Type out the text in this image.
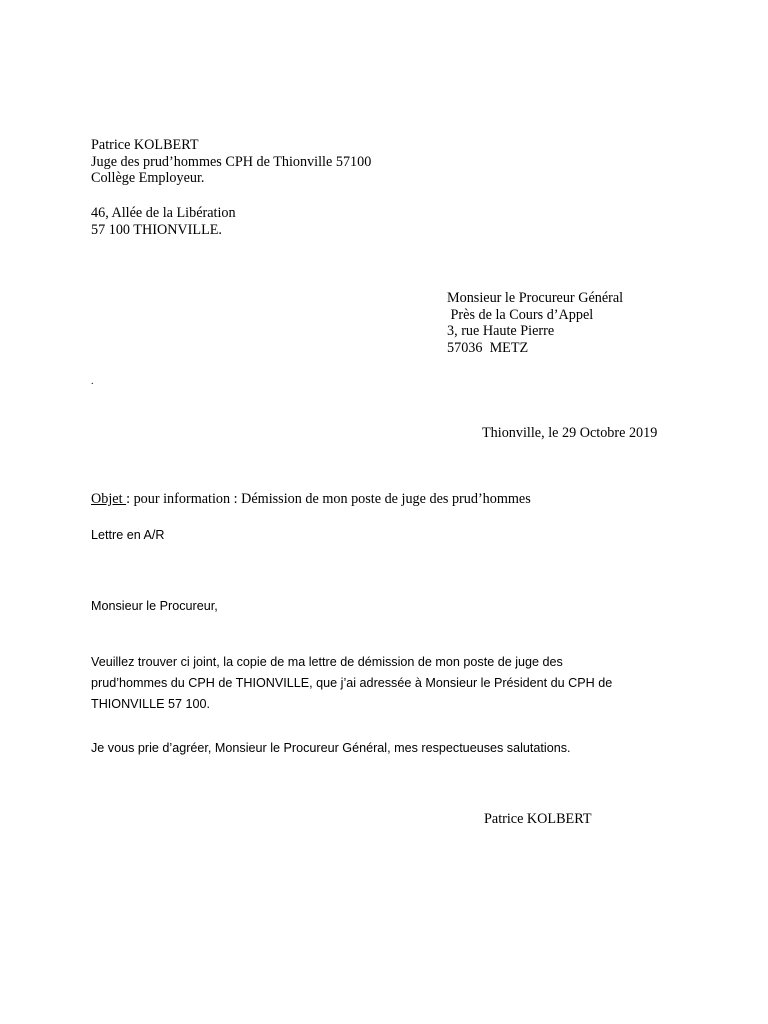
Patrice KOLBERT
Juge des prud’hommes CPH de Thionville 57100
Collège Employeur.
46, Allée de la Libération
57 100 THIONVILLE.
Monsieur le Procureur Général
Près de la Cours d’Appel
3, rue Haute Pierre
57036  METZ
.
Thionville, le 29 Octobre 2019
Objet : pour information : Démission de mon poste de juge des prud’hommes
Lettre en A/R
Monsieur le Procureur,
Veuillez trouver ci joint, la copie de ma lettre de démission de mon poste de juge des
prud’hommes du CPH de THIONVILLE, que j’ai adressée à Monsieur le Président du CPH de
THIONVILLE 57 100.
Je vous prie d’agréer, Monsieur le Procureur Général, mes respectueuses salutations.
Patrice KOLBERT
